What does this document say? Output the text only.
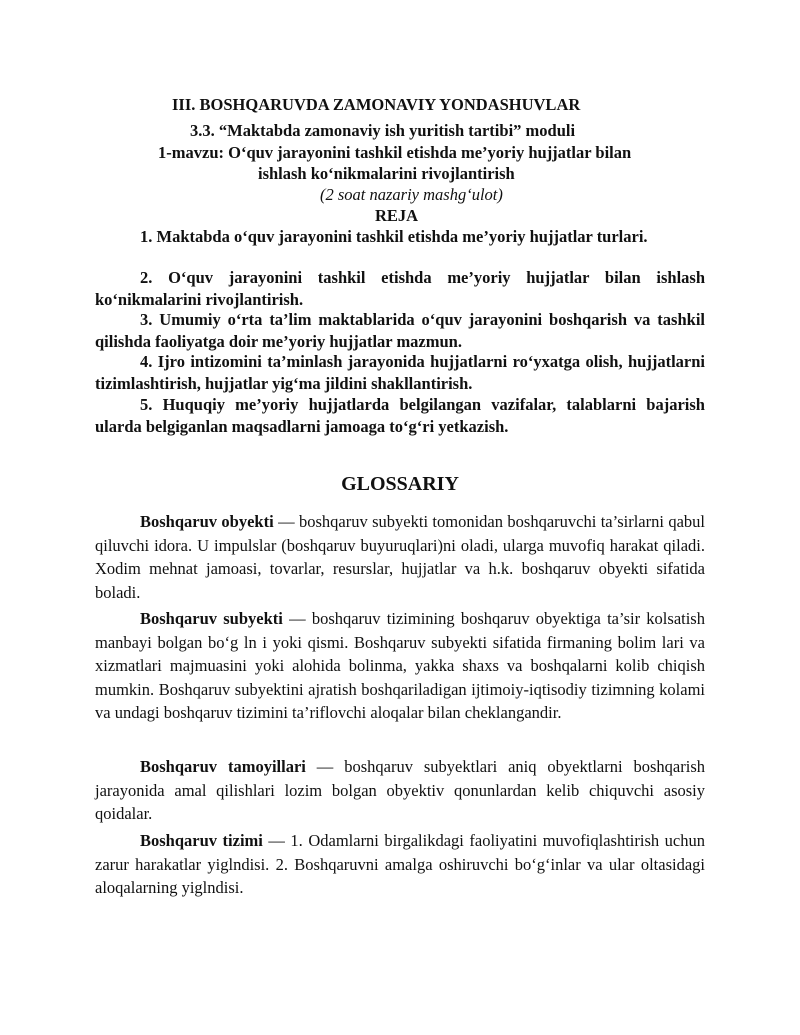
III. BOSHQARUVDA ZAMONAVIY YONDASHUVLAR
3.3. “Maktabda zamonaviy ish yuritish tartibi” moduli
1-mavzu: O‘quv jarayonini tashkil etishda me’yoriy hujjatlar bilan
ishlash ko‘nikmalarini rivojlantirish
(2 soat nazariy mashg‘ulot)
REJA

1. Maktabda o‘quv jarayonini tashkil etishda me’yoriy hujjatlar turlari.

2. O‘quv jarayonini tashkil etishda me’yoriy hujjatlar bilan ishlash ko‘nikmalarini rivojlantirish.

3. Umumiy o‘rta ta’lim maktablarida o‘quv jarayonini boshqarish va tashkil qilishda faoliyatga doir me’yoriy hujjatlar mazmun.

4. Ijro intizomini ta’minlash jarayonida hujjatlarni ro‘yxatga olish, hujjatlarni tizimlashtirish, hujjatlar yig‘ma jildini shakllantirish.

5. Huquqiy me’yoriy hujjatlarda belgilangan vazifalar, talablarni bajarish ularda belgiganlan maqsadlarni jamoaga to‘g‘ri yetkazish.

GLOSSARIY

Boshqaruv obyekti — boshqaruv subyekti tomonidan boshqaruvchi ta’sirlarni qabul qiluvchi idora. U impulslar (boshqaruv buyuruqlari)ni oladi, ularga muvofiq harakat qiladi. Xodim mehnat jamoasi, tovarlar, resurslar, hujjatlar va h.k. boshqaruv obyekti sifatida boladi.

Boshqaruv subyekti — boshqaruv tizimining boshqaruv obyektiga ta’sir kolsatish manbayi bolgan bo‘g ln i yoki qismi. Boshqaruv subyekti sifatida firmaning bolim lari va xizmatlari majmuasini yoki alohida bolinma, yakka shaxs va boshqalarni kolib chiqish mumkin. Boshqaruv subyektini ajratish boshqariladigan ijtimoiy-iqtisodiy tizimning kolami va undagi boshqaruv tizimini ta’riflovchi aloqalar bilan cheklangandir.

Boshqaruv tamoyillari — boshqaruv subyektlari aniq obyektlarni boshqarish jarayonida amal qilishlari lozim bolgan obyektiv qonunlardan kelib chiquvchi asosiy qoidalar.

Boshqaruv tizimi — 1. Odamlarni birgalikdagi faoliyatini muvofiqlashtirish uchun zarur harakatlar yiglndisi. 2. Boshqaruvni amalga oshiruvchi bo‘g‘inlar va ular oltasidagi aloqalarning yiglndisi.
